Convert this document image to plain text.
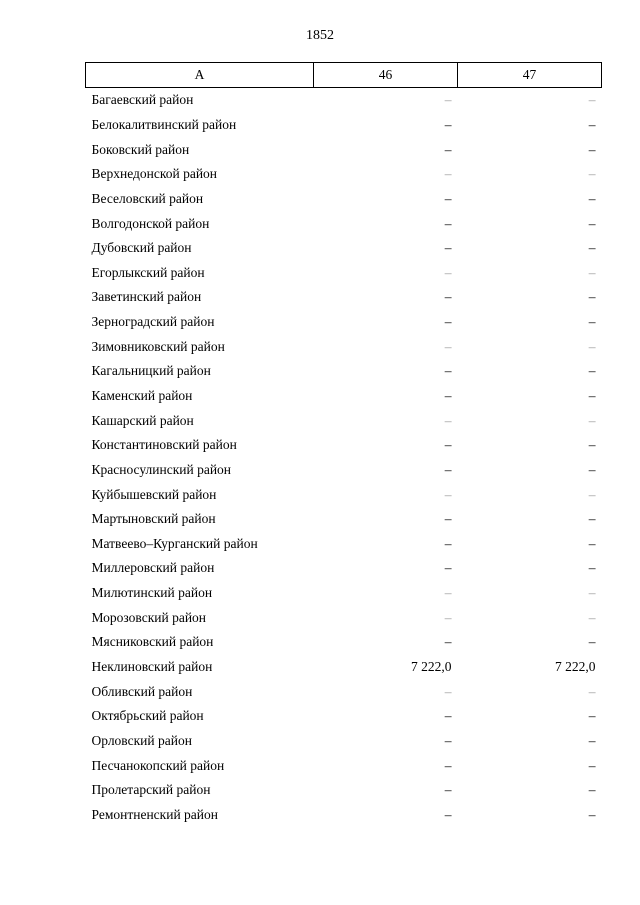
1852
А	46	47
Багаевский район	–	–
Белокалитвинский район	–	–
Боковский район	–	–
Верхнедонской район	–	–
Веселовский район	–	–
Волгодонской район	–	–
Дубовский район	–	–
Егорлыкский район	–	–
Заветинский район	–	–
Зерноградский район	–	–
Зимовниковский район	–	–
Кагальницкий район	–	–
Каменский район	–	–
Кашарский район	–	–
Константиновский район	–	–
Красносулинский район	–	–
Куйбышевский район	–	–
Мартыновский район	–	–
Матвеево–Курганский район	–	–
Миллеровский район	–	–
Милютинский район	–	–
Морозовский район	–	–
Мясниковский район	–	–
Неклиновский район	7 222,0	7 222,0
Обливский район	–	–
Октябрьский район	–	–
Орловский район	–	–
Песчанокопский район	–	–
Пролетарский район	–	–
Ремонтненский район	–	–
